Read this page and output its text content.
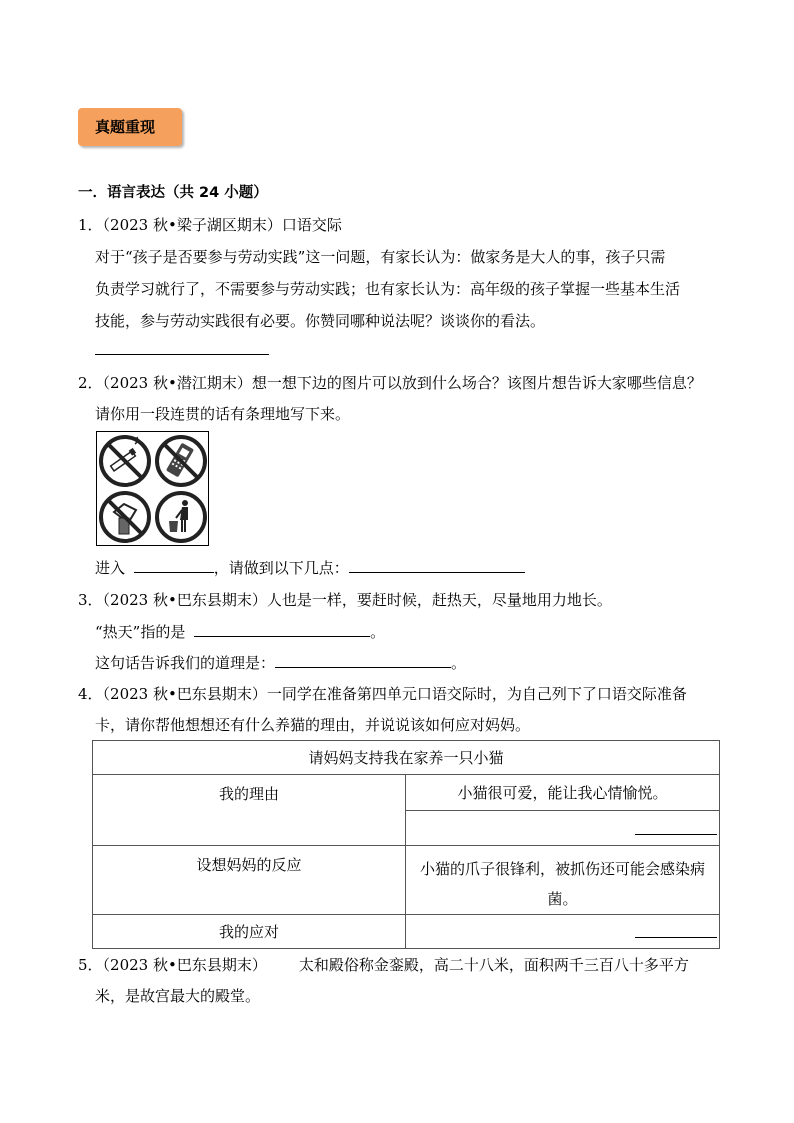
真题重现
一．语言表达（共 24 小题）
1．（2023 秋•梁子湖区期末）口语交际
对于“孩子是否要参与劳动实践”这一问题，有家长认为：做家务是大人的事，孩子只需
负责学习就行了，不需要参与劳动实践；也有家长认为：高年级的孩子掌握一些基本生活
技能，参与劳动实践很有必要。你赞同哪种说法呢？谈谈你的看法。
2．（2023 秋•潜江期末）想一想下边的图片可以放到什么场合？该图片想告诉大家哪些信息？
请你用一段连贯的话有条理地写下来。
进入	，请做到以下几点：
3．（2023 秋•巴东县期末）人也是一样，要赶时候，赶热天，尽量地用力地长。
“热天”指的是	。
这句话告诉我们的道理是：	。
4．（2023 秋•巴东县期末）一同学在准备第四单元口语交际时，为自己列下了口语交际准备
卡，请你帮他想想还有什么养猫的理由，并说说该如何应对妈妈。
请妈妈支持我在家养一只小猫	
我的理由	小猫很可爱，能让我心情愉悦。

设想妈妈的反应	小猫的爪子很锋利，被抓伤还可能会感染病
菌。

我的应对	
5．（2023 秋•巴东县期末） 太和殿俗称金銮殿，高二十八米，面积两千三百八十多平方
米，是故宫最大的殿堂。
